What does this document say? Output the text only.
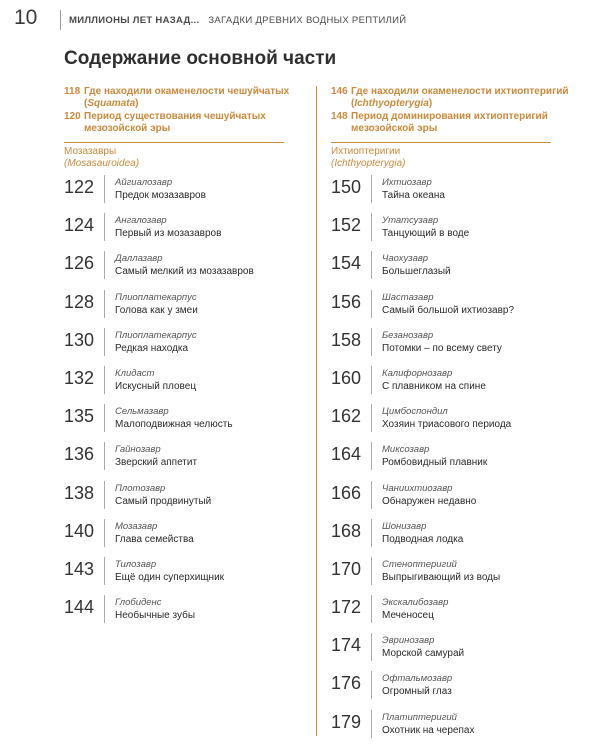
10	МИЛЛИОНЫ ЛЕТ НАЗАД... ЗАГАДКИ ДРЕВНИХ ВОДНЫХ РЕПТИЛИЙ
Содержание основной части
118 Где находили окаменелости чешуйчатых (Squamata)
120 Период существования чешуйчатых мезозойской эры
146 Где находили окаменелости ихтиоптеригий (Ichthyopterygia)
148 Период доминирования ихтиоптеригий мезозойской эры
Мозазавры
(Mosasauroidea)
Ихтиоптеригии
(Ichthyopterygia)
122	Айгиалозавр
Предок мозазавров
124	Ангалозавр
Первый из мозазавров
126	Даллазавр
Самый мелкий из мозазавров
128	Плиоплатекарпус
Голова как у змеи
130	Плиоплатекарпус
Редкая находка
132	Клидаст
Искусный пловец
135	Сельмазавр
Малоподвижная челюсть
136	Гайнозавр
Зверский аппетит
138	Плотозавр
Самый продвинутый
140	Мозазавр
Глава семейства
143	Тилозавр
Ещё один суперхищник
144	Глобиденс
Необычные зубы
150	Ихтиозавр
Тайна океана
152	Утатсузавр
Танцующий в воде
154	Чаохузавр
Большеглазый
156	Шастазавр
Самый большой ихтиозавр?
158	Безанозавр
Потомки – по всему свету
160	Калифорнозавр
С плавником на спине
162	Цимбоспондил
Хозяин триасового периода
164	Миксозавр
Ромбовидный плавник
166	Чаниихтиозавр
Обнаружен недавно
168	Шонизавр
Подводная лодка
170	Стеноптеригий
Выпрыгивающий из воды
172	Экскалибозавр
Меченосец
174	Эвринозавр
Морской самурай
176	Офтальмозавр
Огромный глаз
179	Платиптеригий
Охотник на черепах
